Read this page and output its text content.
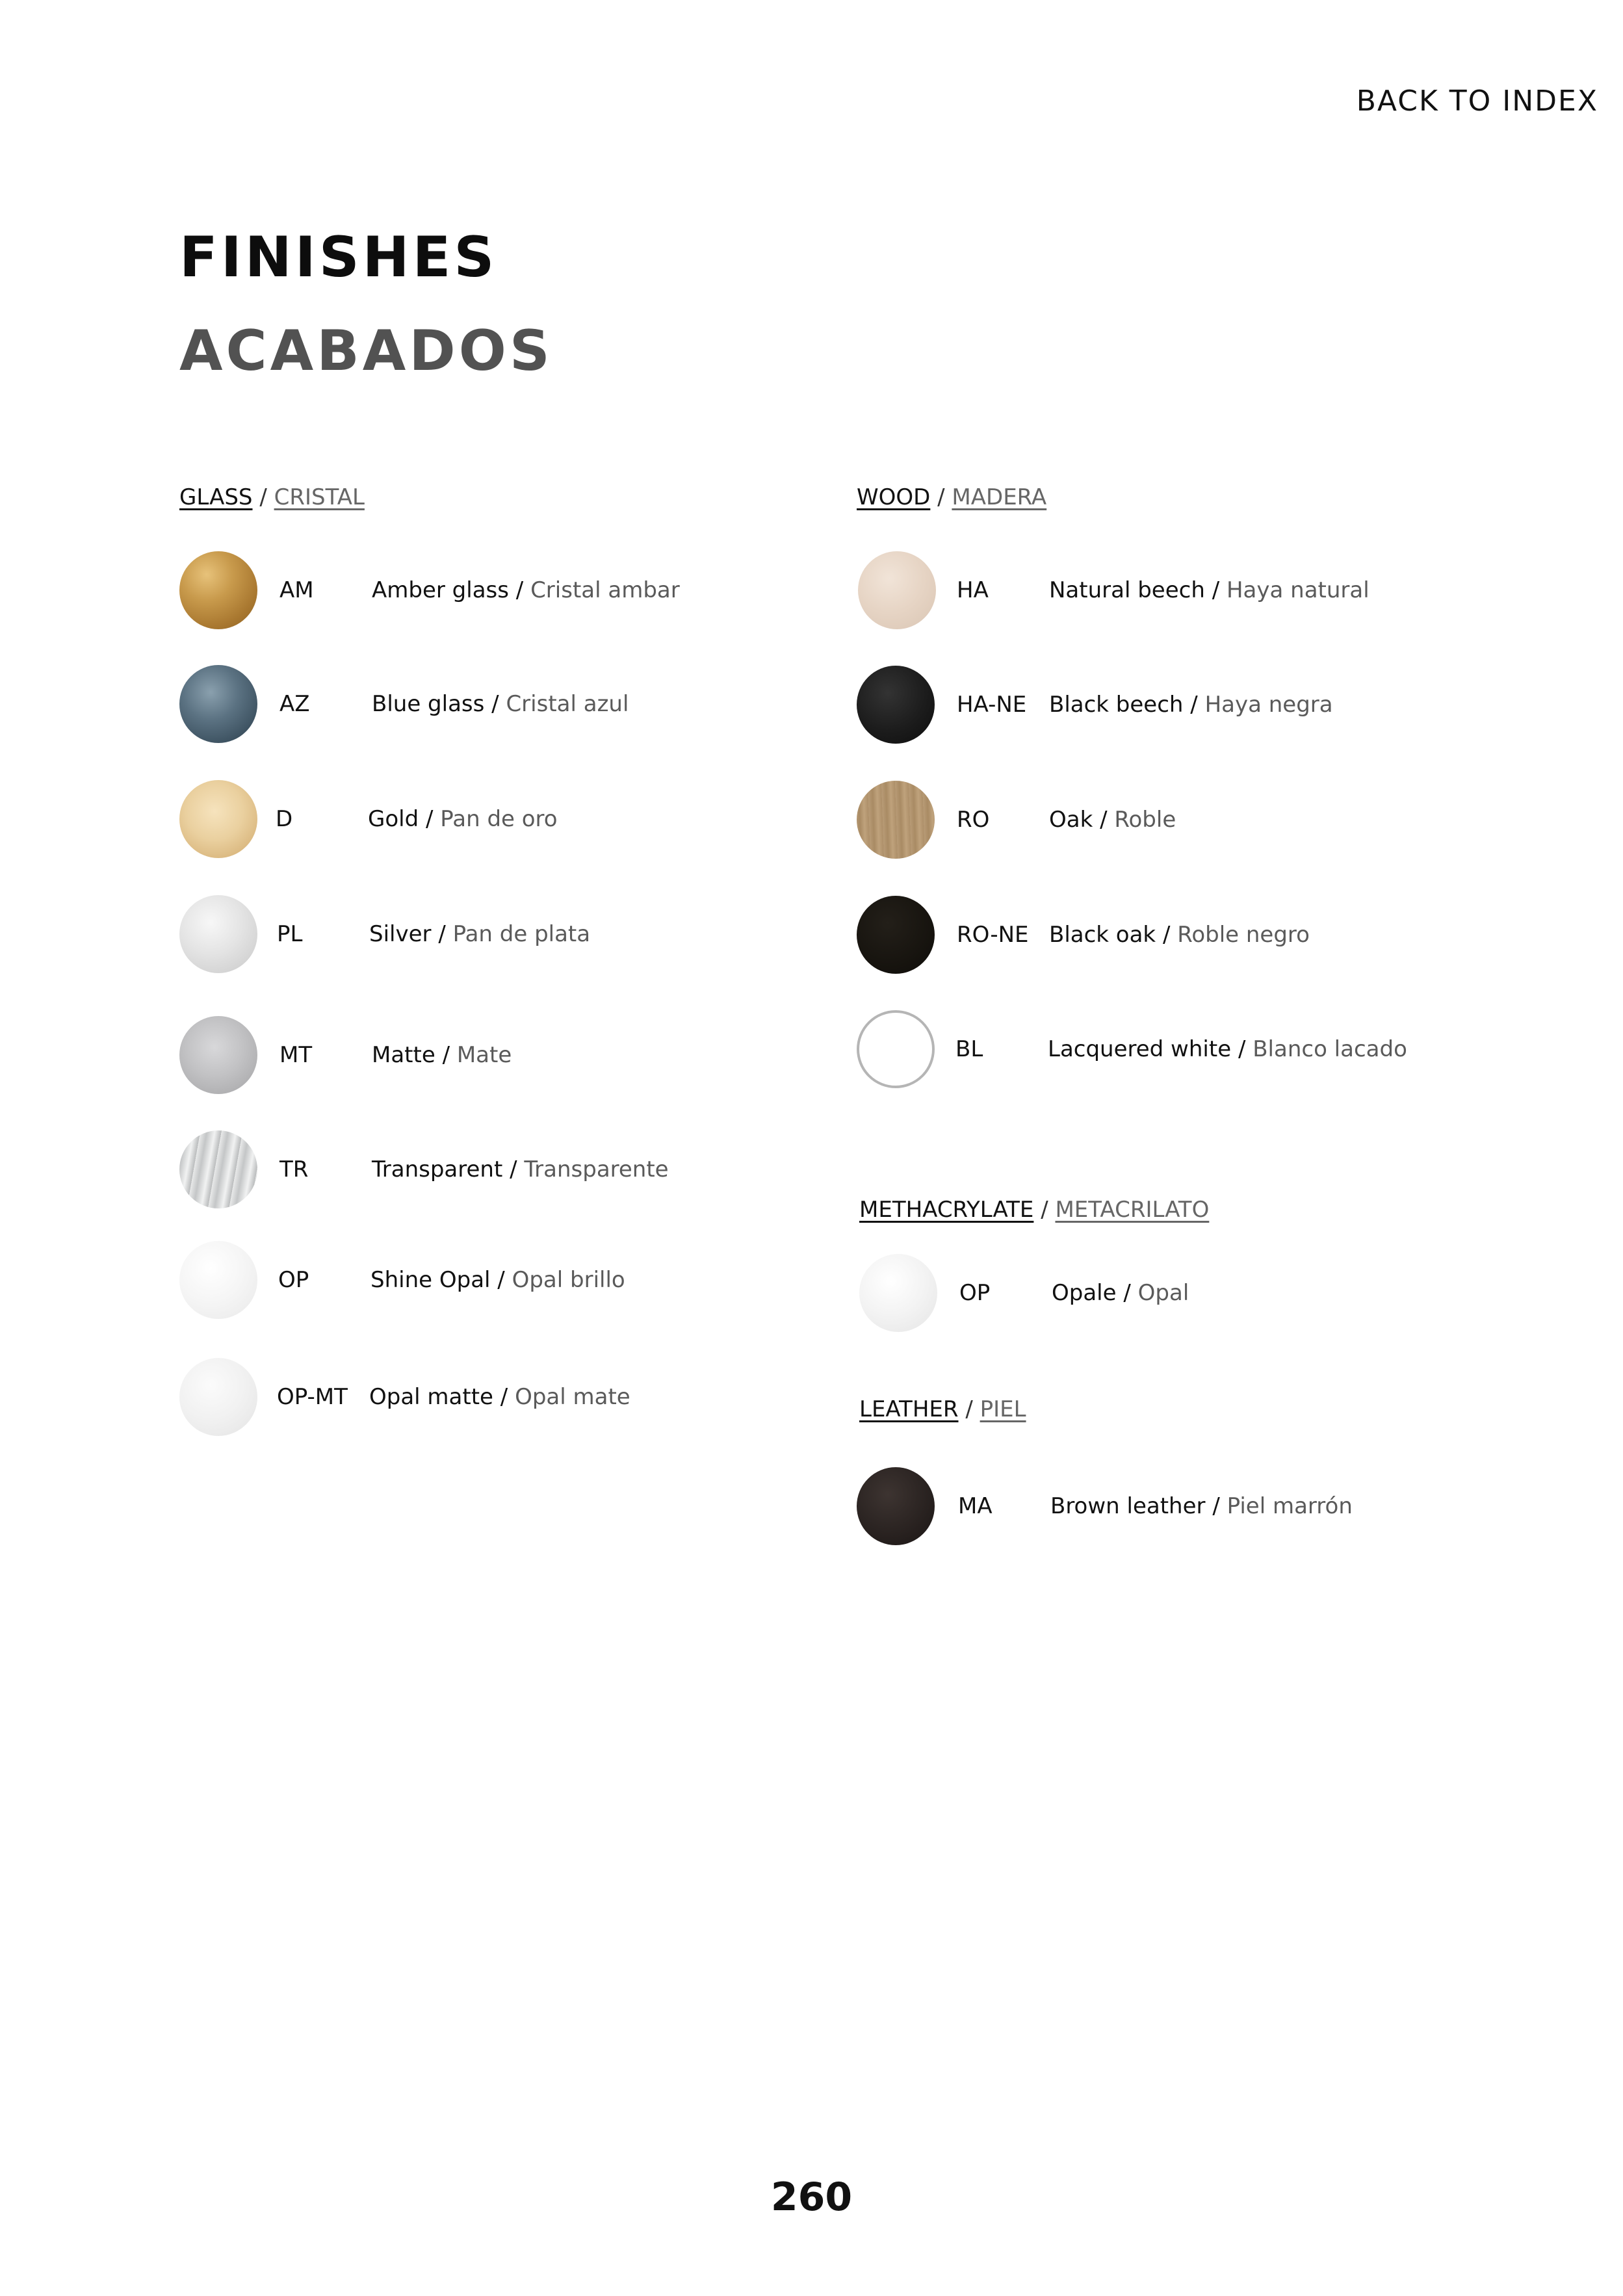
BACK TO INDEX
FINISHES
ACABADOS
GLASS / CRISTAL
AM	Amber glass / Cristal ambar
AZ	Blue glass / Cristal azul
D	Gold / Pan de oro
PL	Silver / Pan de plata
MT	Matte / Mate
TR	Transparent / Transparente
OP	Shine Opal / Opal brillo
OP-MT Opal matte / Opal mate
WOOD / MADERA
HA	Natural beech / Haya natural
HA-NE Black beech / Haya negra
RO	Oak / Roble
RO-NE Black oak / Roble negro
BL	Lacquered white / Blanco lacado
METHACRYLATE / METACRILATO
OP	Opale / Opal
LEATHER / PIEL
MA	Brown leather / Piel marrón
260
